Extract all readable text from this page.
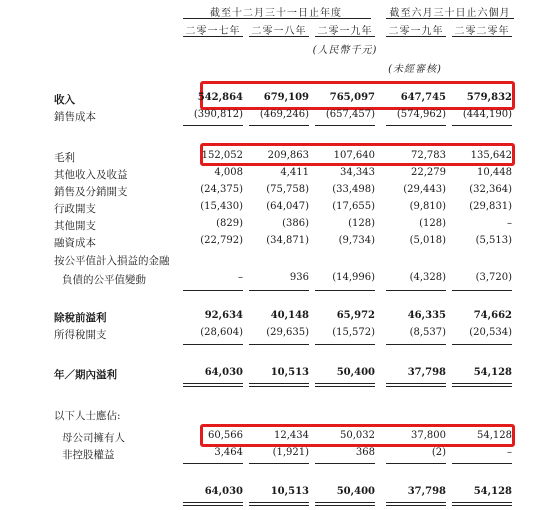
截至十二月三十一日止年度	截至六月三十日止六個月
二零一七年	二零一八年	二零一九年	二零一九年	二零二零年
(人民幣千元)
(未經審核)
收入	542,864	679,109	765,097	647,745	579,832
銷售成本	(390,812)	(469,246)	(657,457)	(574,962)	(444,190)
毛利	152,052	209,863	107,640	72,783	135,642
其他收入及收益	4,008	4,411	34,343	22,279	10,448
銷售及分銷開支	(24,375)	(75,758)	(33,498)	(29,443)	(32,364)
行政開支	(15,430)	(64,047)	(17,655)	(9,810)	(29,831)
其他開支	(829)	(386)	(128)	(128)	–
融資成本	(22,792)	(34,871)	(9,734)	(5,018)	(5,513)
按公平值計入損益的金融
負債的公平值變動	–	936	(14,996)	(4,328)	(3,720)
除稅前溢利	92,634	40,148	65,972	46,335	74,662
所得稅開支	(28,604)	(29,635)	(15,572)	(8,537)	(20,534)
年／期內溢利	64,030	10,513	50,400	37,798	54,128
以下人士應佔:
母公司擁有人	60,566	12,434	50,032	37,800	54,128
非控股權益	3,464	(1,921)	368	(2)	–
64,030	10,513	50,400	37,798	54,128
